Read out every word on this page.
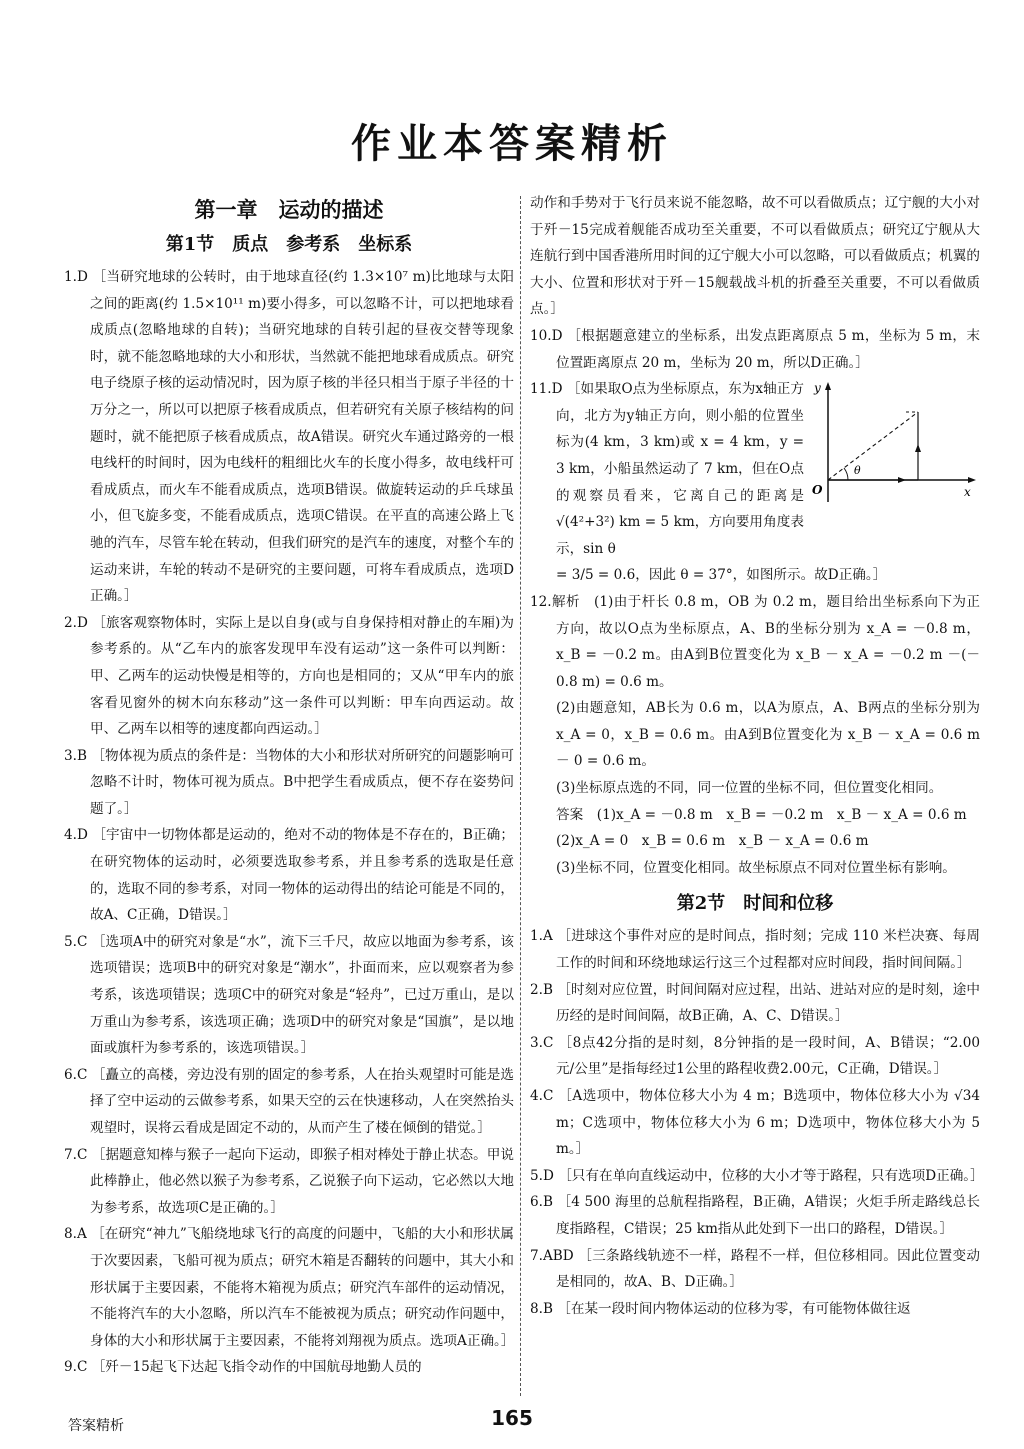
作业本答案精析
第一章　运动的描述
第1节　质点　参考系　坐标系

1.D ［当研究地球的公转时，由于地球直径(约 1.3×10⁷ m)比地球与太阳之间的距离(约 1.5×10¹¹ m)要小得多，可以忽略不计，可以把地球看成质点(忽略地球的自转)；当研究地球的自转引起的昼夜交替等现象时，就不能忽略地球的大小和形状，当然就不能把地球看成质点。研究电子绕原子核的运动情况时，因为原子核的半径只相当于原子半径的十万分之一，所以可以把原子核看成质点，但若研究有关原子核结构的问题时，就不能把原子核看成质点，故A错误。研究火车通过路旁的一根电线杆的时间时，因为电线杆的粗细比火车的长度小得多，故电线杆可看成质点，而火车不能看成质点，选项B错误。做旋转运动的乒乓球虽小，但飞旋多变，不能看成质点，选项C错误。在平直的高速公路上飞驰的汽车，尽管车轮在转动，但我们研究的是汽车的速度，对整个车的运动来讲，车轮的转动不是研究的主要问题，可将车看成质点，选项D正确。］

2.D ［旅客观察物体时，实际上是以自身(或与自身保持相对静止的车厢)为参考系的。从“乙车内的旅客发现甲车没有运动”这一条件可以判断：甲、乙两车的运动快慢是相等的，方向也是相同的；又从“甲车内的旅客看见窗外的树木向东移动”这一条件可以判断：甲车向西运动。故甲、乙两车以相等的速度都向西运动。］

3.B ［物体视为质点的条件是：当物体的大小和形状对所研究的问题影响可忽略不计时，物体可视为质点。B中把学生看成质点，便不存在姿势问题了。］

4.D ［宇宙中一切物体都是运动的，绝对不动的物体是不存在的，B正确；在研究物体的运动时，必须要选取参考系，并且参考系的选取是任意的，选取不同的参考系，对同一物体的运动得出的结论可能是不同的，故A、C正确，D错误。］

5.C ［选项A中的研究对象是“水”，流下三千尺，故应以地面为参考系，该选项错误；选项B中的研究对象是“潮水”，扑面而来，应以观察者为参考系，该选项错误；选项C中的研究对象是“轻舟”，已过万重山，是以万重山为参考系，该选项正确；选项D中的研究对象是“国旗”，是以地面或旗杆为参考系的，该选项错误。］

6.C ［矗立的高楼，旁边没有别的固定的参考系，人在抬头观望时可能是选择了空中运动的云做参考系，如果天空的云在快速移动，人在突然抬头观望时，误将云看成是固定不动的，从而产生了楼在倾倒的错觉。］

7.C ［据题意知棒与猴子一起向下运动，即猴子相对棒处于静止状态。甲说此棒静止，他必然以猴子为参考系，乙说猴子向下运动，它必然以大地为参考系，故选项C是正确的。］

8.A ［在研究“神九”飞船绕地球飞行的高度的问题中，飞船的大小和形状属于次要因素，飞船可视为质点；研究木箱是否翻转的问题中，其大小和形状属于主要因素，不能将木箱视为质点；研究汽车部件的运动情况，不能将汽车的大小忽略，所以汽车不能被视为质点；研究动作问题中，身体的大小和形状属于主要因素，不能将刘翔视为质点。选项A正确。］

9.C ［歼－15起飞下达起飞指令动作的中国航母地勤人员的

动作和手势对于飞行员来说不能忽略，故不可以看做质点；辽宁舰的大小对于歼－15完成着舰能否成功至关重要，不可以看做质点；研究辽宁舰从大连航行到中国香港所用时间的辽宁舰大小可以忽略，可以看做质点；机翼的大小、位置和形状对于歼－15舰载战斗机的折叠至关重要，不可以看做质点。］

10.D ［根据题意建立的坐标系，出发点距离原点 5 m，坐标为 5 m，末位置距离原点 20 m，坐标为 20 m，所以D正确。］

11.D ［如果取O点为坐标原点，东为x轴正方向，北方为y轴正方向，则小船的位置坐标为(4 km，3 km)或 x = 4 km，y = 3 km，小船虽然运动了 7 km，但在O点的观察员看来，它离自己的距离是 √(4²+3²) km = 5 km，方向要用角度表示，sin θ

y
x
O
θ

= 3/5 = 0.6，因此 θ = 37°，如图所示。故D正确。］

12.解析　(1)由于杆长 0.8 m，OB 为 0.2 m，题目给出坐标系向下为正方向，故以O点为坐标原点，A、B的坐标分别为 x_A = －0.8 m，x_B = －0.2 m。由A到B位置变化为 x_B － x_A = －0.2 m －(－0.8 m) = 0.6 m。

(2)由题意知，AB长为 0.6 m，以A为原点，A、B两点的坐标分别为 x_A = 0，x_B = 0.6 m。由A到B位置变化为 x_B － x_A = 0.6 m － 0 = 0.6 m。

(3)坐标原点选的不同，同一位置的坐标不同，但位置变化相同。

答案　(1)x_A = －0.8 m　x_B = －0.2 m　x_B － x_A = 0.6 m

(2)x_A = 0　x_B = 0.6 m　x_B － x_A = 0.6 m

(3)坐标不同，位置变化相同。故坐标原点不同对位置坐标有影响。

第2节　时间和位移

1.A ［进球这个事件对应的是时间点，指时刻；完成 110 米栏决赛、每周工作的时间和环绕地球运行这三个过程都对应时间段，指时间间隔。］

2.B ［时刻对应位置，时间间隔对应过程，出站、进站对应的是时刻，途中历经的是时间间隔，故B正确，A、C、D错误。］

3.C ［8点42分指的是时刻，8分钟指的是一段时间，A、B错误；“2.00元/公里”是指每经过1公里的路程收费2.00元，C正确，D错误。］

4.C ［A选项中，物体位移大小为 4 m；B选项中，物体位移大小为 √34 m；C选项中，物体位移大小为 6 m；D选项中，物体位移大小为 5 m。］

5.D ［只有在单向直线运动中，位移的大小才等于路程，只有选项D正确。］

6.B ［4 500 海里的总航程指路程，B正确，A错误；火炬手所走路线总长度指路程，C错误；25 km指从此处到下一出口的路程，D错误。］

7.ABD ［三条路线轨迹不一样，路程不一样，但位移相同。因此位置变动是相同的，故A、B、D正确。］

8.B ［在某一段时间内物体运动的位移为零，有可能物体做往返

答案精析	165
